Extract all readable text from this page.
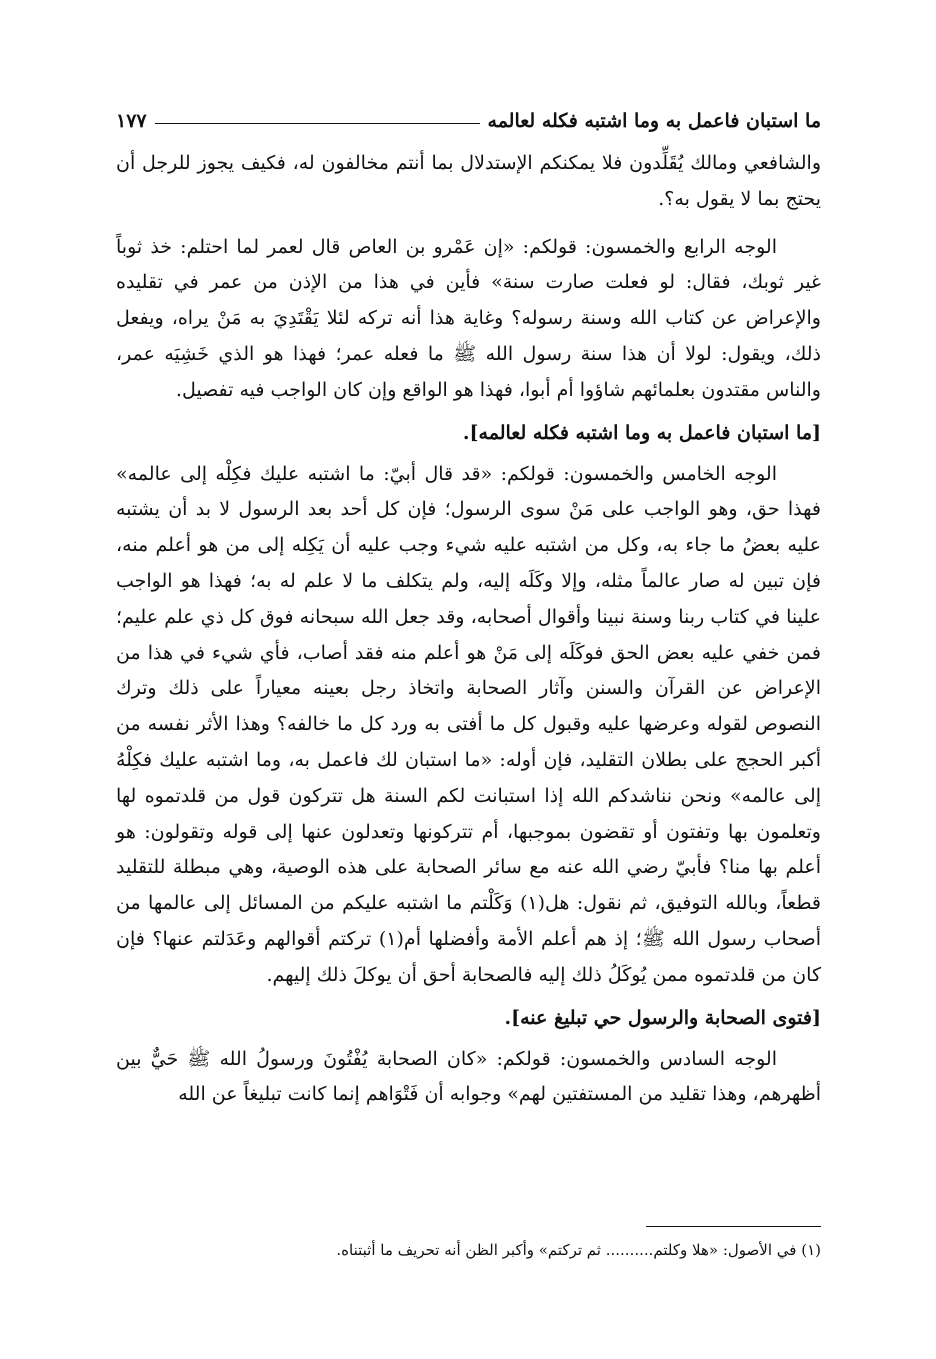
ما استبان فاعمل به وما اشتبه فكله لعالمه
١٧٧

والشافعي ومالك يُقَلِّدون فلا يمكنكم الإستدلال بما أنتم مخالفون له، فكيف يجوز للرجل أن يحتج بما لا يقول به؟.

الوجه الرابع والخمسون: قولكم: «إن عَمْرو بن العاص قال لعمر لما احتلم: خذ ثوباً غير ثوبك، فقال: لو فعلت صارت سنة» فأين في هذا من الإذن من عمر في تقليده والإعراض عن كتاب الله وسنة رسوله؟ وغاية هذا أنه تركه لئلا يَقْتَدِيَ به مَنْ يراه، ويفعل ذلك، ويقول: لولا أن هذا سنة رسول الله ﷺ ما فعله عمر؛ فهذا هو الذي خَشِيَه عمر، والناس مقتدون بعلمائهم شاؤوا أم أبوا، فهذا هو الواقع وإن كان الواجب فيه تفصيل.

[ما استبان فاعمل به وما اشتبه فكله لعالمه].

الوجه الخامس والخمسون: قولكم: «قد قال أبيّ: ما اشتبه عليك فكِلْه إلى عالمه» فهذا حق، وهو الواجب على مَنْ سوى الرسول؛ فإن كل أحد بعد الرسول لا بد أن يشتبه عليه بعضُ ما جاء به، وكل من اشتبه عليه شيء وجب عليه أن يَكِله إلى من هو أعلم منه، فإن تبين له صار عالماً مثله، وإلا وكَلَه إليه، ولم يتكلف ما لا علم له به؛ فهذا هو الواجب علينا في كتاب ربنا وسنة نبينا وأقوال أصحابه، وقد جعل الله سبحانه فوق كل ذي علم عليم؛ فمن خفي عليه بعض الحق فوكَلَه إلى مَنْ هو أعلم منه فقد أصاب، فأي شيء في هذا من الإعراض عن القرآن والسنن وآثار الصحابة واتخاذ رجل بعينه معياراً على ذلك وترك النصوص لقوله وعرضها عليه وقبول كل ما أفتى به ورد كل ما خالفه؟ وهذا الأثر نفسه من أكبر الحجج على بطلان التقليد، فإن أوله: «ما استبان لك فاعمل به، وما اشتبه عليك فكِلْهُ إلى عالمه» ونحن نناشدكم الله إذا استبانت لكم السنة هل تتركون قول من قلدتموه لها وتعلمون بها وتفتون أو تقضون بموجبها، أم تتركونها وتعدلون عنها إلى قوله وتقولون: هو أعلم بها منا؟ فأبيّ رضي الله عنه مع سائر الصحابة على هذه الوصية، وهي مبطلة للتقليد قطعاً، وبالله التوفيق، ثم نقول: هل(١) وَكَلْتم ما اشتبه عليكم من المسائل إلى عالمها من أصحاب رسول الله ﷺ؛ إذ هم أعلم الأمة وأفضلها أم(١) تركتم أقوالهم وعَدَلتم عنها؟ فإن كان من قلدتموه ممن يُوكَلُ ذلك إليه فالصحابة أحق أن يوكلَ ذلك إليهم.

[فتوى الصحابة والرسول حي تبليغ عنه].

الوجه السادس والخمسون: قولكم: «كان الصحابة يُفْتُونَ ورسولُ الله ﷺ حَيٌّ بين أظهرهم، وهذا تقليد من المستفتين لهم» وجوابه أن فَتْوَاهم إنما كانت تبليغاً عن الله

(١) في الأصول: «هلا وكلتم.......... ثم تركتم» وأكبر الظن أنه تحريف ما أثبتناه.
